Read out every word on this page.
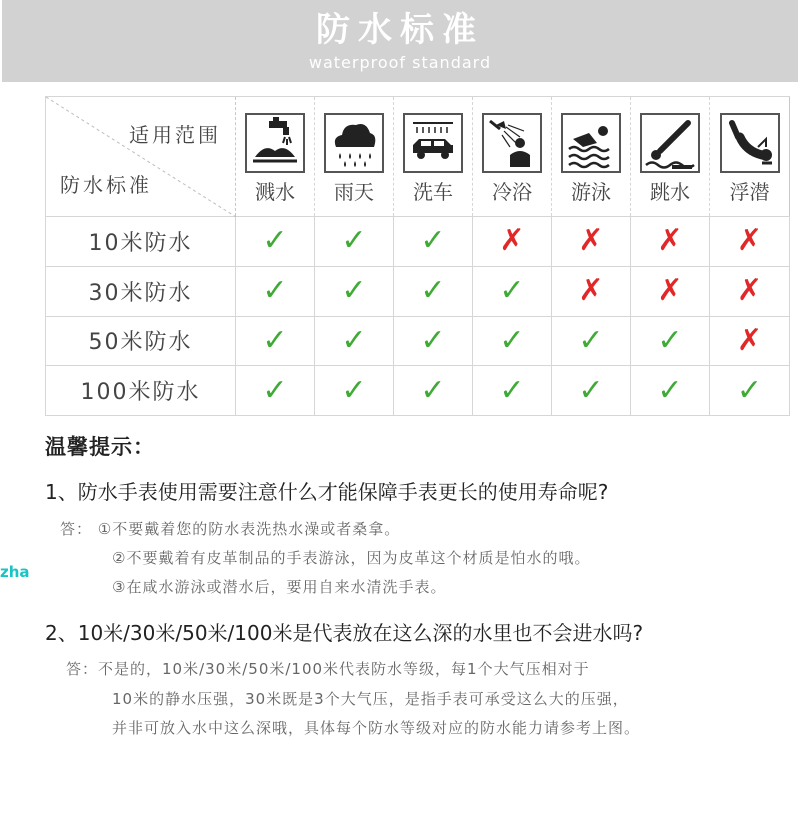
防水标准
waterproof standard
适用范围
防水标准	溅水	雨天	洗车	冷浴	游泳	跳水	浮潜

10米防水	✓	✓	✓	✗	✗	✗	✗
30米防水	✓	✓	✓	✓	✗	✗	✗
50米防水	✓	✓	✓	✓	✓	✓	✗
100米防水	✓	✓	✓	✓	✓	✓	✓
温馨提示：
1、防水手表使用需要注意什么才能保障手表更长的使用寿命呢?
答： ①不要戴着您的防水表洗热水澡或者桑拿。
②不要戴着有皮革制品的手表游泳，因为皮革这个材质是怕水的哦。
③在咸水游泳或潜水后，要用自来水清洗手表。
zha
2、10米/30米/50米/100米是代表放在这么深的水里也不会进水吗?
答：不是的，10米/30米/50米/100米代表防水等级，每1个大气压相对于
10米的静水压强，30米既是3个大气压，是指手表可承受这么大的压强，
并非可放入水中这么深哦，具体每个防水等级对应的防水能力请参考上图。
